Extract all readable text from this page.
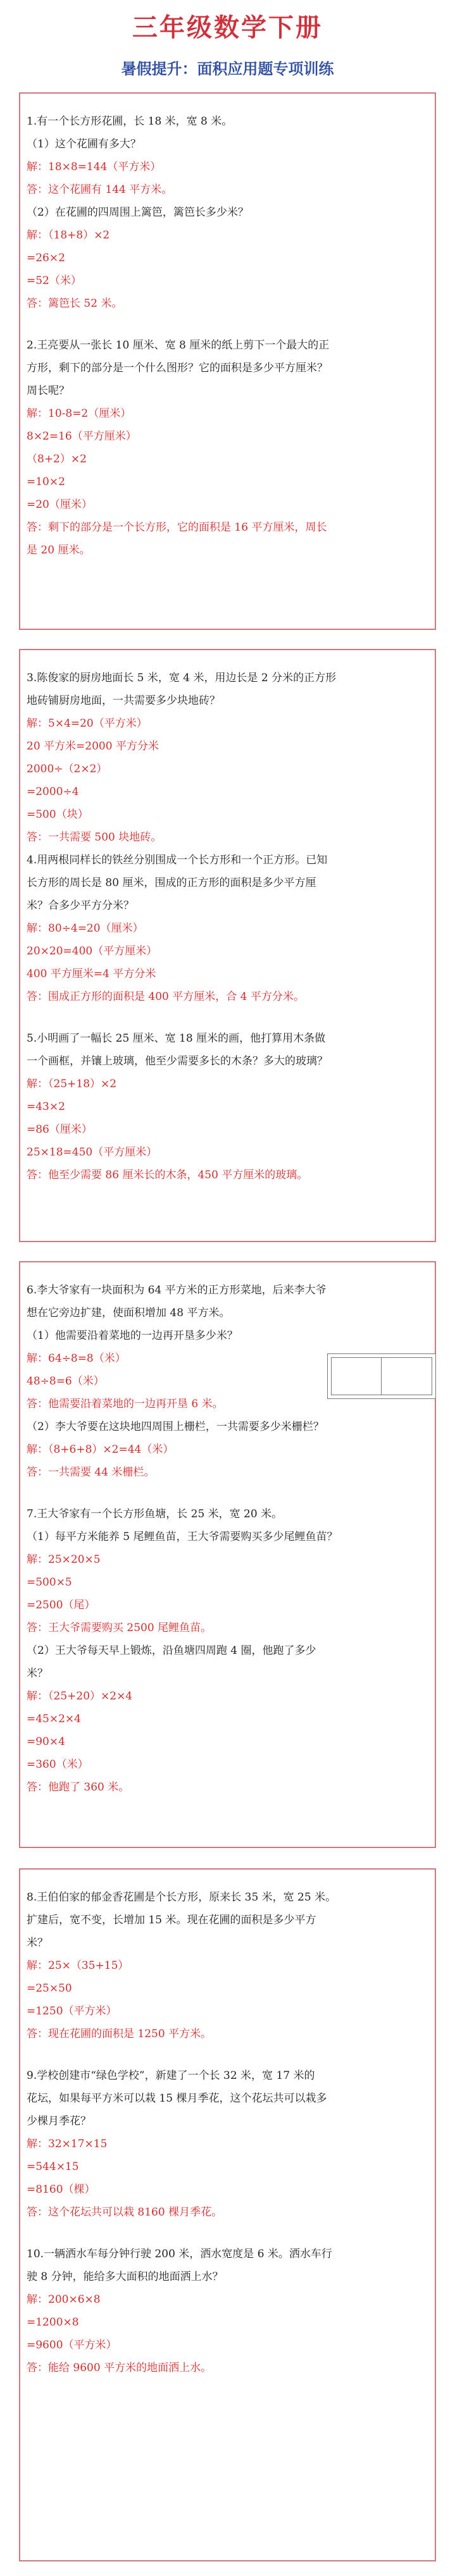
三年级数学下册
暑假提升：面积应用题专项训练
1.有一个长方形花圃，长 18 米，宽 8 米。
（1）这个花圃有多大？
解：18×8=144（平方米）
答：这个花圃有 144 平方米。
（2）在花圃的四周围上篱笆，篱笆长多少米？
解：（18+8）×2
=26×2
=52（米）
答：篱笆长 52 米。
2.王亮要从一张长 10 厘米、宽 8 厘米的纸上剪下一个最大的正
方形，剩下的部分是一个什么图形？它的面积是多少平方厘米？
周长呢？
解：10-8=2（厘米）
8×2=16（平方厘米）
（8+2）×2
=10×2
=20（厘米）
答：剩下的部分是一个长方形，它的面积是 16 平方厘米，周长
是 20 厘米。
3.陈俊家的厨房地面长 5 米，宽 4 米，用边长是 2 分米的正方形
地砖铺厨房地面，一共需要多少块地砖？
解：5×4=20（平方米）
20 平方米=2000 平方分米
2000÷（2×2）
=2000÷4
=500（块）
答：一共需要 500 块地砖。
4.用两根同样长的铁丝分别围成一个长方形和一个正方形。已知
长方形的周长是 80 厘米，围成的正方形的面积是多少平方厘
米？合多少平方分米？
解：80÷4=20（厘米）
20×20=400（平方厘米）
400 平方厘米=4 平方分米
答：围成正方形的面积是 400 平方厘米，合 4 平方分米。
5.小明画了一幅长 25 厘米、宽 18 厘米的画，他打算用木条做
一个画框，并镶上玻璃，他至少需要多长的木条？多大的玻璃？
解：（25+18）×2
=43×2
=86（厘米）
25×18=450（平方厘米）
答：他至少需要 86 厘米长的木条，450 平方厘米的玻璃。
6.李大爷家有一块面积为 64 平方米的正方形菜地，后来李大爷
想在它旁边扩建，使面积增加 48 平方米。
（1）他需要沿着菜地的一边再开垦多少米？
解：64÷8=8（米）
48÷8=6（米）
答：他需要沿着菜地的一边再开垦 6 米。
（2）李大爷要在这块地四周围上栅栏，一共需要多少米栅栏？
解：（8+6+8）×2=44（米）
答：一共需要 44 米栅栏。
7.王大爷家有一个长方形鱼塘，长 25 米，宽 20 米。
（1）每平方米能养 5 尾鲤鱼苗，王大爷需要购买多少尾鲤鱼苗？
解：25×20×5
=500×5
=2500（尾）
答：王大爷需要购买 2500 尾鲤鱼苗。
（2）王大爷每天早上锻炼，沿鱼塘四周跑 4 圈，他跑了多少
米？
解：（25+20）×2×4
=45×2×4
=90×4
=360（米）
答：他跑了 360 米。
8.王伯伯家的郁金香花圃是个长方形，原来长 35 米，宽 25 米。
扩建后，宽不变，长增加 15 米。现在花圃的面积是多少平方
米？
解：25×（35+15）
=25×50
=1250（平方米）
答：现在花圃的面积是 1250 平方米。
9.学校创建市“绿色学校”，新建了一个长 32 米，宽 17 米的
花坛，如果每平方米可以栽 15 棵月季花，这个花坛共可以栽多
少棵月季花？
解：32×17×15
=544×15
=8160（棵）
答：这个花坛共可以栽 8160 棵月季花。
10.一辆洒水车每分钟行驶 200 米，洒水宽度是 6 米。洒水车行
驶 8 分钟，能给多大面积的地面洒上水？
解：200×6×8
=1200×8
=9600（平方米）
答：能给 9600 平方米的地面洒上水。
